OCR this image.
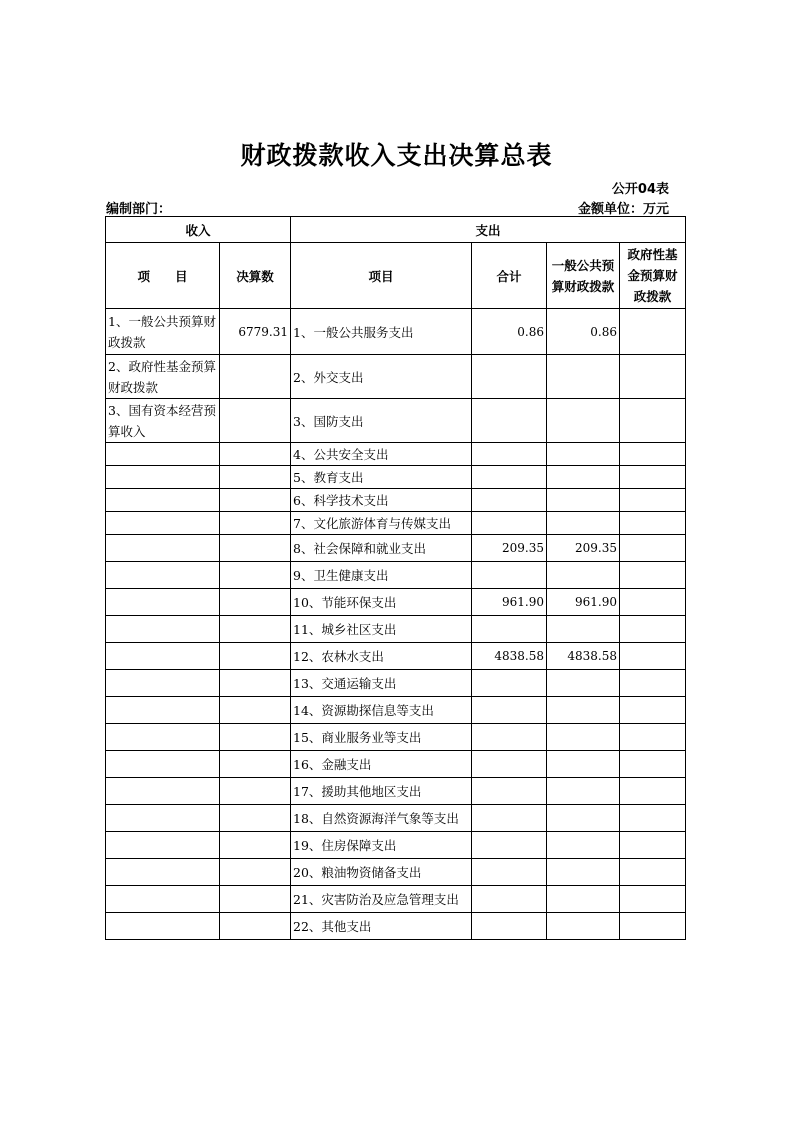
财政拨款收入支出决算总表
公开04表
编制部门：	金额单位：万元
收入		支出			
项　　目	决算数	项目	合计	一般公共预算财政拨款	政府性基金预算财政拨款
1、一般公共预算财政拨款	6779.31	1、一般公共服务支出	0.86	0.86	
2、政府性基金预算财政拨款		2、外交支出			
3、国有资本经营预算收入		3、国防支出			
		4、公共安全支出			
		5、教育支出			
		6、科学技术支出			
		7、文化旅游体育与传媒支出			
		8、社会保障和就业支出	209.35	209.35	
		9、卫生健康支出			
		10、节能环保支出	961.90	961.90	
		11、城乡社区支出			
		12、农林水支出	4838.58	4838.58	
		13、交通运输支出			
		14、资源勘探信息等支出			
		15、商业服务业等支出			
		16、金融支出			
		17、援助其他地区支出			
		18、自然资源海洋气象等支出			
		19、住房保障支出			
		20、粮油物资储备支出			
		21、灾害防治及应急管理支出			
		22、其他支出			
